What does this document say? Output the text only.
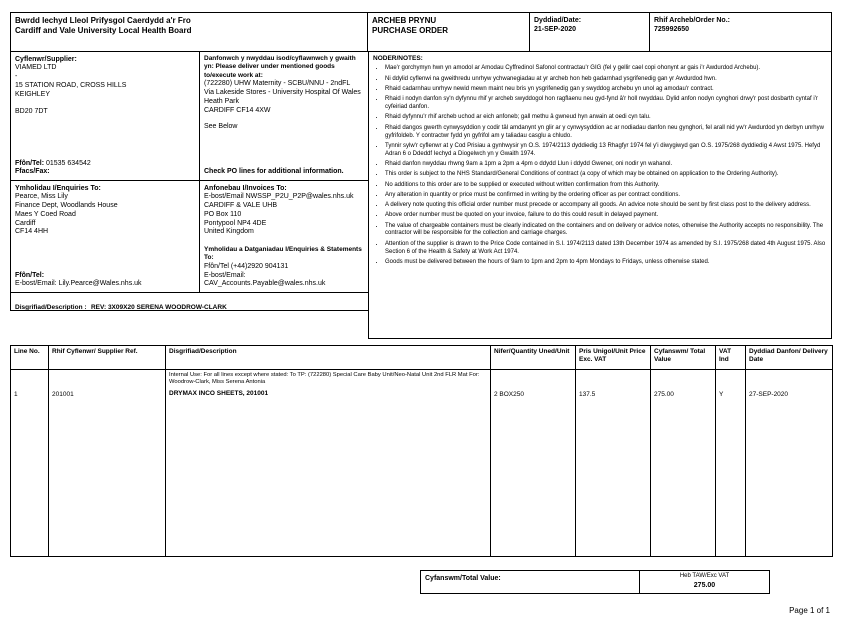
Bwrdd Iechyd Lleol Prifysgol Caerdydd a'r Fro
Cardiff and Vale University Local Health Board
ARCHEB PRYNU
PURCHASE ORDER
Dyddiad/Date:
21-SEP-2020
Rhif Archeb/Order No.:
725992650
Cyflenwr/Supplier:
VIAMED LTD
-
15 STATION ROAD, CROSS HILLS
KEIGHLEY
BD20 7DT
Ffôn/Tel: 01535 634542
Ffacs/Fax:
Danfonwch y nwyddau isod/cyflawnwch y gwaith yn: Please deliver under mentioned goods to/execute work at:
(722280) UHW Maternity - SCBU/NNU - 2ndFL
Via Lakeside Stores - University Hospital Of Wales
Heath Park
CARDIFF CF14 4XW
See Below
Check PO lines for additional information.
NODER/NOTES:
• Mae'r gorchymyn hwn yn amodol ar Amodau Cyffredinol Safonol contractau'r GIG (fel y gellir cael copi ohonynt ar gais i'r Awdurdod Archebu).
• Ni ddylid cyflenwi na gweithredu unrhyw ychwanegiadau at yr archeb hon heb gadarnhad ysgrifenedig gan yr Awdurdod hwn.
• Rhaid cadarnhau unrhyw newid mewn maint neu bris yn ysgrifenedig gan y swyddog archebu yn unol ag amodau'r contract.
• Rhaid i nodyn danfon sy'n dyfynnu rhif yr archeb swyddogol hon ragflaenu neu gyd-fynd â'r holl nwyddau. Dylid anfon nodyn cynghori drwy'r post dosbarth cyntaf i'r cyfeiriad danfon.
• Rhaid dyfynnu'r rhif archeb uchod ar eich anfoneb; gall methu â gwneud hyn arwain at oedi cyn talu.
• Rhaid dangos gwerth cynwysyddion y codir tâl amdanynt yn glir ar y cynwysyddion ac ar nodiadau danfon neu gynghori, fel arall nid yw'r Awdurdod yn derbyn unrhyw gyfrifoldeb. Y contractwr fydd yn gyfrifol am y taliadau casglu a chludo.
• Tynnir sylw'r cyflenwr at y Cod Prisiau a gynhwysir yn O.S. 1974/2113 dyddiedig 13 Rhagfyr 1974 fel y'i diwygiwyd gan O.S. 1975/268 dyddiedig 4 Awst 1975. Hefyd Adran 6 o Ddeddf Iechyd a Diogelwch yn y Gwaith 1974.
• Rhaid danfon nwyddau rhwng 9am a 1pm a 2pm a 4pm o ddydd Llun i ddydd Gwener, oni nodir yn wahanol.
• This order is subject to the NHS Standard/General Conditions of contract (a copy of which may be obtained on application to the Ordering Authority).
• No additions to this order are to be supplied or executed without written confirmation from this Authority.
• Any alteration in quantity or price must be confirmed in writing by the ordering officer as per contract conditions.
• A delivery note quoting this official order number must precede or accompany all goods. An advice note should be sent by first class post to the delivery address.
• Above order number must be quoted on your invoice, failure to do this could result in delayed payment.
• The value of chargeable containers must be clearly indicated on the containers and on delivery or advice notes, otherwise the Authority accepts no responsibility. The contractor will be responsible for the collection and carriage charges.
• Attention of the supplier is drawn to the Price Code contained in S.I. 1974/2113 dated 13th December 1974 as amended by S.I. 1975/268 dated 4th August 1975. Also Section 6 of the Health & Safety at Work Act 1974.
• Goods must be delivered between the hours of 9am to 1pm and 2pm to 4pm Mondays to Fridays, unless otherwise stated.
Ymholidau I/Enquiries To:
Pearce, Miss Lily
Finance Dept, Woodlands House
Maes Y Coed Road
Cardiff
CF14 4HH
Ffôn/Tel:
E-bost/Email: Lily.Pearce@Wales.nhs.uk
Anfonebau I/Invoices To:
E-bost/Email NWSSP_P2U_P2P@wales.nhs.uk
CARDIFF & VALE UHB
PO Box 110
Pontypool NP4 4DE
United Kingdom
Ymholidau a Datganiadau I/Enquiries & Statements To:
Ffôn/Tel (+44)2920 904131
E-bost/Email: CAV_Accounts.Payable@wales.nhs.uk
Disgrifiad/Description : REV: 3X09X20 SERENA WOODROW-CLARK
Line No.	Rhif Cyflenwr/ Supplier Ref.	Disgrifiad/Description	Nifer/Quantity Uned/Unit	Pris Unigol/Unit Price Exc. VAT	Cyfanswm/ Total Value	VAT Ind	Dyddiad Danfon/ Delivery Date
1	201001	Internal Use: For all lines except where stated: To TP: (722280) Special Care Baby Unit/Neo-Natal Unit 2nd FLR Mat For: Woodrow-Clark, Miss Serena Antonia
DRYMAX INCO SHEETS, 201001	2 BOX250	137.5	275.00	Y	27-SEP-2020
Cyfanswm/Total Value:	Heb TAW/Exc VAT
275.00
Page 1 of 1
